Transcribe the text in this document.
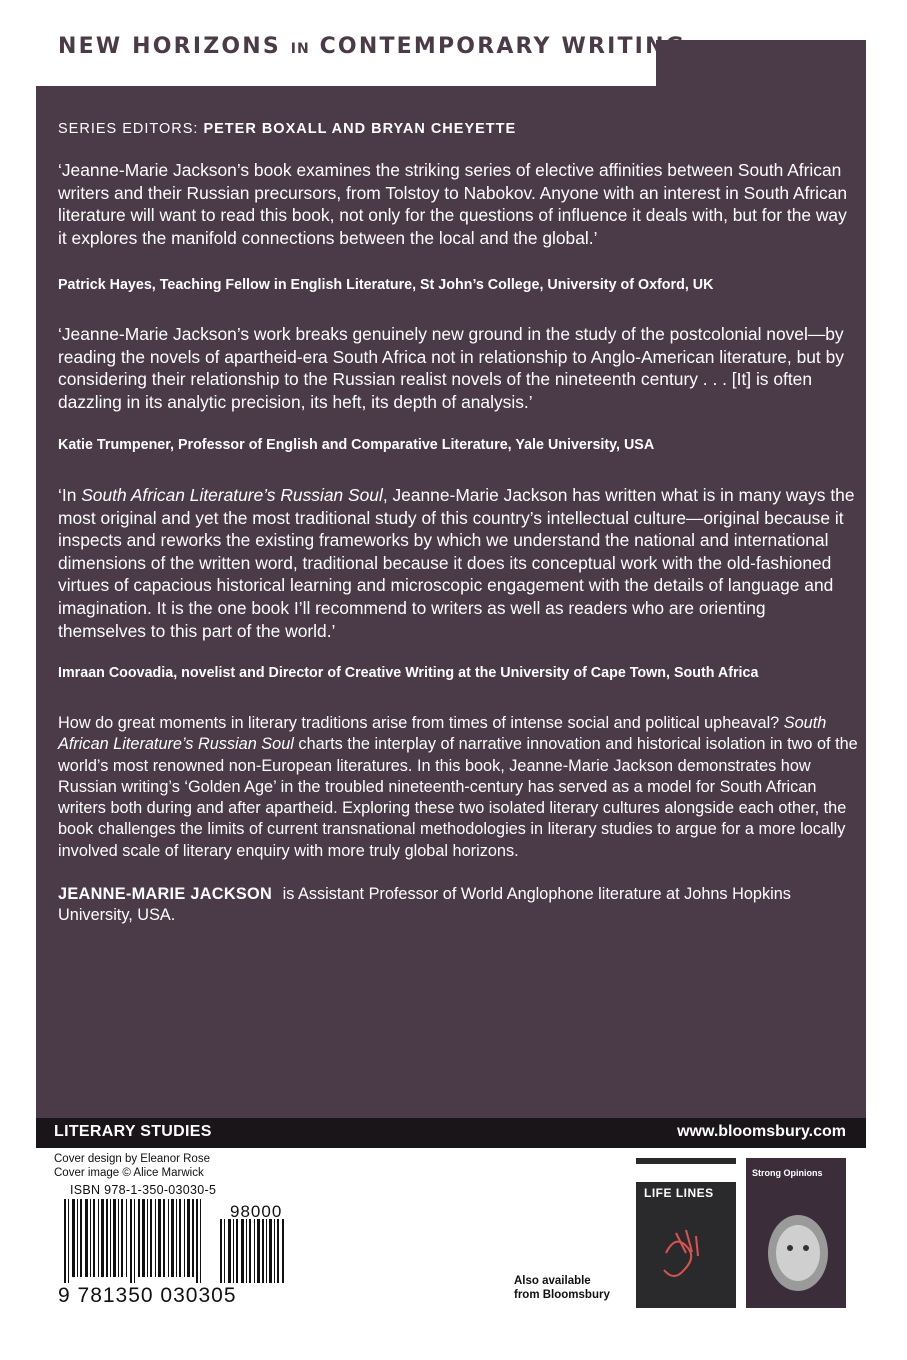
NEW HORIZONS IN CONTEMPORARY WRITING
SERIES EDITORS: PETER BOXALL AND BRYAN CHEYETTE
‘Jeanne-Marie Jackson’s book examines the striking series of elective affinities between South African writers and their Russian precursors, from Tolstoy to Nabokov. Anyone with an interest in South African literature will want to read this book, not only for the questions of influence it deals with, but for the way it explores the manifold connections between the local and the global.’
Patrick Hayes, Teaching Fellow in English Literature, St John’s College, University of Oxford, UK
‘Jeanne-Marie Jackson’s work breaks genuinely new ground in the study of the postcolonial novel—by reading the novels of apartheid-era South Africa not in relationship to Anglo-American literature, but by considering their relationship to the Russian realist novels of the nineteenth century . . . [It] is often dazzling in its analytic precision, its heft, its depth of analysis.’
Katie Trumpener, Professor of English and Comparative Literature, Yale University, USA
‘In South African Literature’s Russian Soul, Jeanne-Marie Jackson has written what is in many ways the most original and yet the most traditional study of this country’s intellectual culture—original because it inspects and reworks the existing frameworks by which we understand the national and international dimensions of the written word, traditional because it does its conceptual work with the old-fashioned virtues of capacious historical learning and microscopic engagement with the details of language and imagination. It is the one book I’ll recommend to writers as well as readers who are orienting themselves to this part of the world.’
Imraan Coovadia, novelist and Director of Creative Writing at the University of Cape Town, South Africa
How do great moments in literary traditions arise from times of intense social and political upheaval? South African Literature’s Russian Soul charts the interplay of narrative innovation and historical isolation in two of the world’s most renowned non-European literatures. In this book, Jeanne-Marie Jackson demonstrates how Russian writing’s ‘Golden Age’ in the troubled nineteenth-century has served as a model for South African writers both during and after apartheid. Exploring these two isolated literary cultures alongside each other, the book challenges the limits of current transnational methodologies in literary studies to argue for a more locally involved scale of literary enquiry with more truly global horizons.
JEANNE-MARIE JACKSON is Assistant Professor of World Anglophone literature at Johns Hopkins University, USA.
LITERARY STUDIES	www.bloomsbury.com
Cover design by Eleanor Rose
Cover image © Alice Marwick
ISBN 978-1-350-03030-5
9 781350 030305
98000
Also available
from Bloomsbury
LIFE LINES
Strong Opinions
